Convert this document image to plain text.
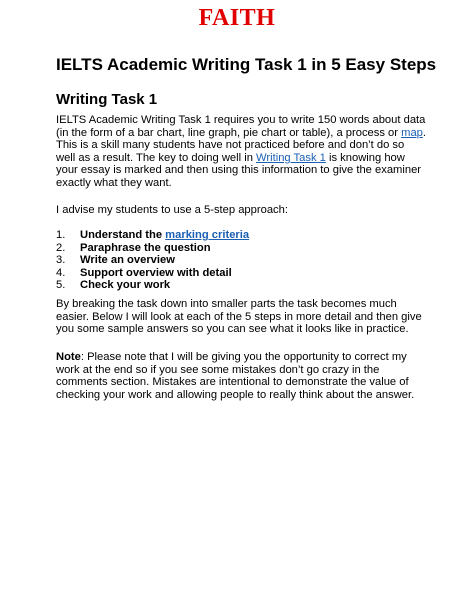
FAITH
IELTS Academic Writing Task 1 in 5 Easy Steps
Writing Task 1

IELTS Academic Writing Task 1 requires you to write 150 words about data (in the form of a bar chart, line graph, pie chart or table), a process or map. This is a skill many students have not practiced before and don’t do so well as a result. The key to doing well in Writing Task 1 is knowing how your essay is marked and then using this information to give the examiner exactly what they want.

I advise my students to use a 5-step approach:

1. Understand the marking criteria
2. Paraphrase the question
3. Write an overview
4. Support overview with detail
5. Check your work

By breaking the task down into smaller parts the task becomes much easier. Below I will look at each of the 5 steps in more detail and then give you some sample answers so you can see what it looks like in practice.

Note: Please note that I will be giving you the opportunity to correct my work at the end so if you see some mistakes don’t go crazy in the comments section. Mistakes are intentional to demonstrate the value of checking your work and allowing people to really think about the answer.
